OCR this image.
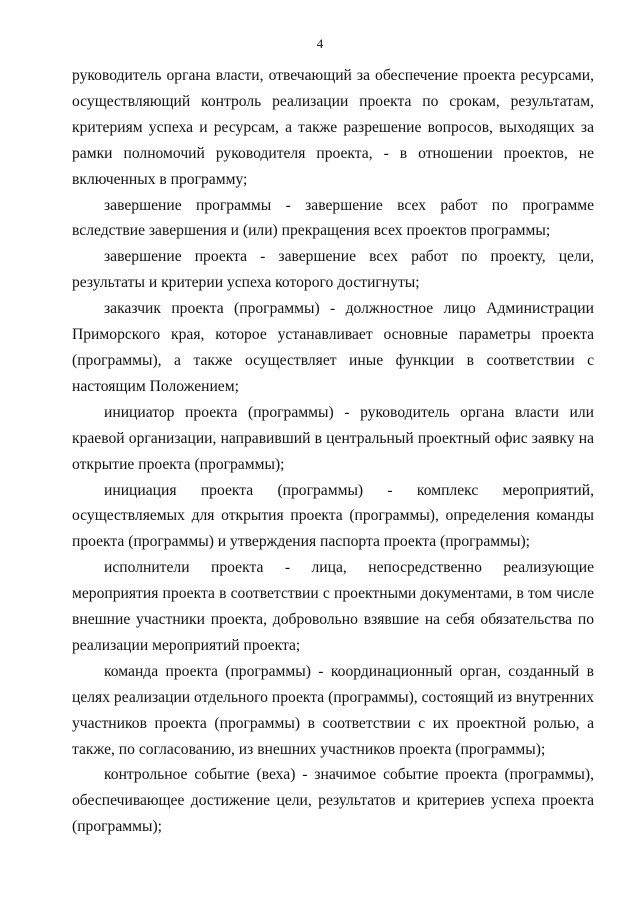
4

руководитель органа власти, отвечающий за обеспечение проекта ресурсами, осуществляющий контроль реализации проекта по срокам, результатам, критериям успеха и ресурсам, а также разрешение вопросов, выходящих за рамки полномочий руководителя проекта, - в отношении проектов, не включенных в программу;

завершение программы - завершение всех работ по программе вследствие завершения и (или) прекращения всех проектов программы;

завершение проекта - завершение всех работ по проекту, цели, результаты и критерии успеха которого достигнуты;

заказчик проекта (программы) - должностное лицо Администрации Приморского края, которое устанавливает основные параметры проекта (программы), а также осуществляет иные функции в соответствии с настоящим Положением;

инициатор проекта (программы) - руководитель органа власти или краевой организации, направивший в центральный проектный офис заявку на открытие проекта (программы);

инициация проекта (программы) - комплекс мероприятий, осуществляемых для открытия проекта (программы), определения команды проекта (программы) и утверждения паспорта проекта (программы);

исполнители проекта - лица, непосредственно реализующие мероприятия проекта в соответствии с проектными документами, в том числе внешние участники проекта, добровольно взявшие на себя обязательства по реализации мероприятий проекта;

команда проекта (программы) - координационный орган, созданный в целях реализации отдельного проекта (программы), состоящий из внутренних участников проекта (программы) в соответствии с их проектной ролью, а также, по согласованию, из внешних участников проекта (программы);

контрольное событие (веха) - значимое событие проекта (программы), обеспечивающее достижение цели, результатов и критериев успеха проекта (программы);
